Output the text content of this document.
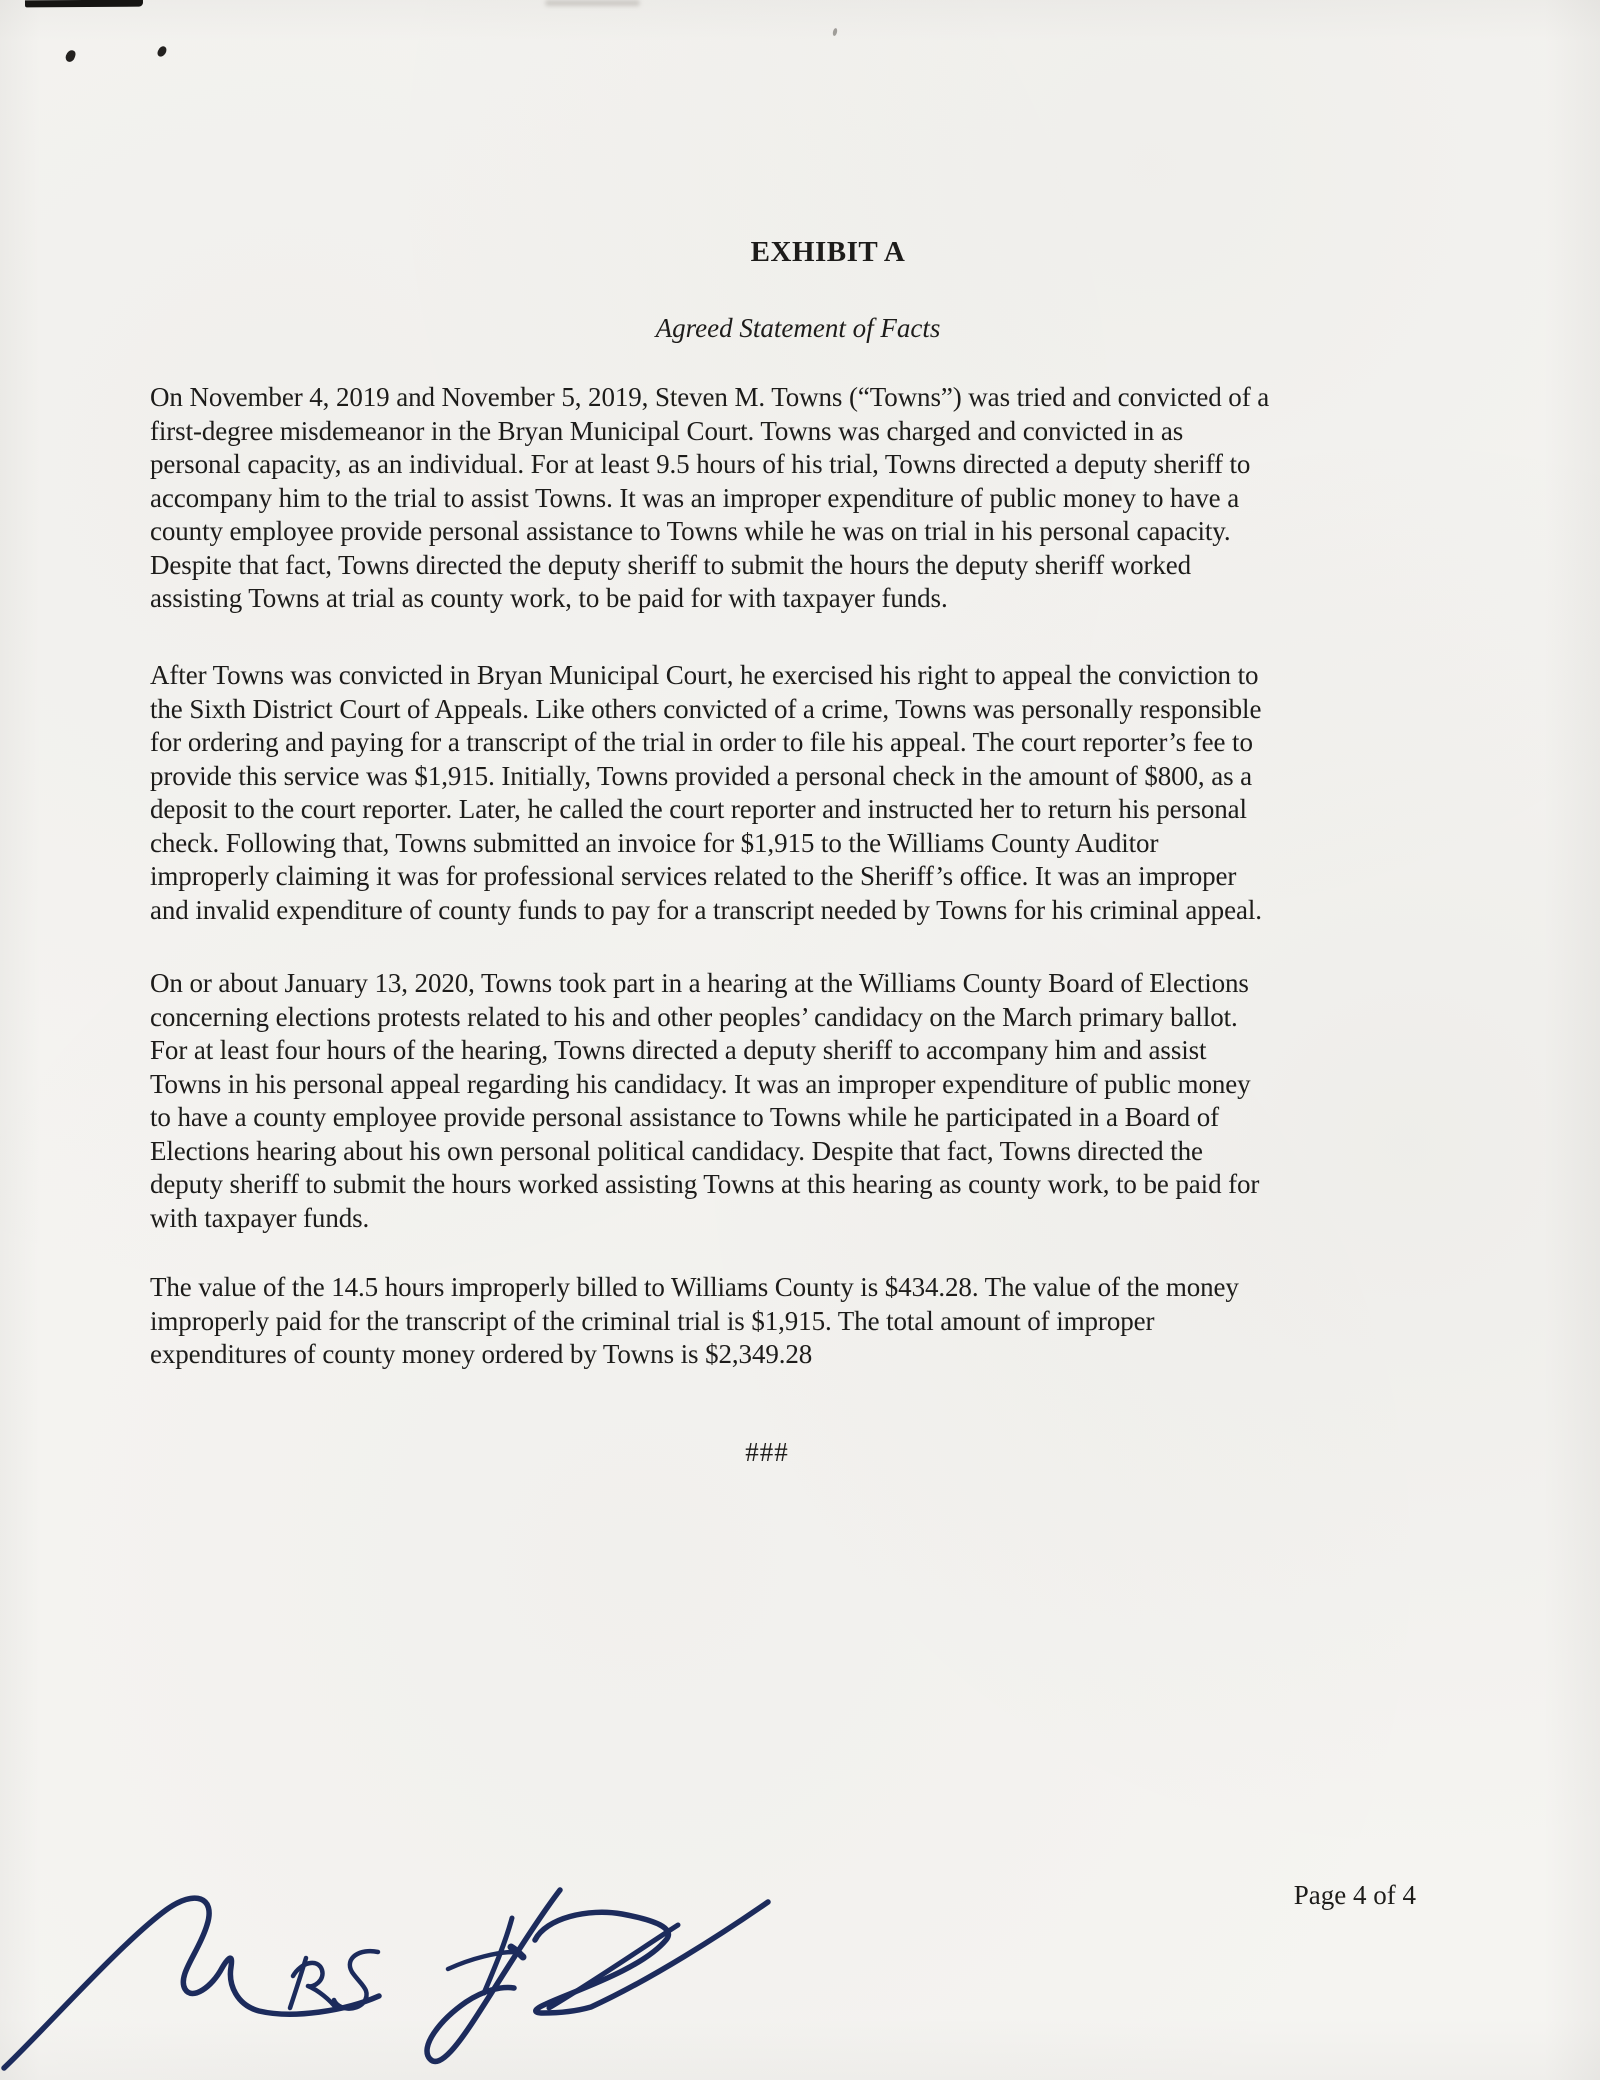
EXHIBIT A
Agreed Statement of Facts
On November 4, 2019 and November 5, 2019, Steven M. Towns (“Towns”) was tried and convicted of a
first-degree misdemeanor in the Bryan Municipal Court. Towns was charged and convicted in as
personal capacity, as an individual. For at least 9.5 hours of his trial, Towns directed a deputy sheriff to
accompany him to the trial to assist Towns. It was an improper expenditure of public money to have a
county employee provide personal assistance to Towns while he was on trial in his personal capacity.
Despite that fact, Towns directed the deputy sheriff to submit the hours the deputy sheriff worked
assisting Towns at trial as county work, to be paid for with taxpayer funds.
After Towns was convicted in Bryan Municipal Court, he exercised his right to appeal the conviction to
the Sixth District Court of Appeals. Like others convicted of a crime, Towns was personally responsible
for ordering and paying for a transcript of the trial in order to file his appeal. The court reporter’s fee to
provide this service was $1,915. Initially, Towns provided a personal check in the amount of $800, as a
deposit to the court reporter. Later, he called the court reporter and instructed her to return his personal
check. Following that, Towns submitted an invoice for $1,915 to the Williams County Auditor
improperly claiming it was for professional services related to the Sheriff’s office. It was an improper
and invalid expenditure of county funds to pay for a transcript needed by Towns for his criminal appeal.
On or about January 13, 2020, Towns took part in a hearing at the Williams County Board of Elections
concerning elections protests related to his and other peoples’ candidacy on the March primary ballot.
For at least four hours of the hearing, Towns directed a deputy sheriff to accompany him and assist
Towns in his personal appeal regarding his candidacy. It was an improper expenditure of public money
to have a county employee provide personal assistance to Towns while he participated in a Board of
Elections hearing about his own personal political candidacy. Despite that fact, Towns directed the
deputy sheriff to submit the hours worked assisting Towns at this hearing as county work, to be paid for
with taxpayer funds.
The value of the 14.5 hours improperly billed to Williams County is $434.28. The value of the money
improperly paid for the transcript of the criminal trial is $1,915. The total amount of improper
expenditures of county money ordered by Towns is $2,349.28
###
Page 4 of 4
